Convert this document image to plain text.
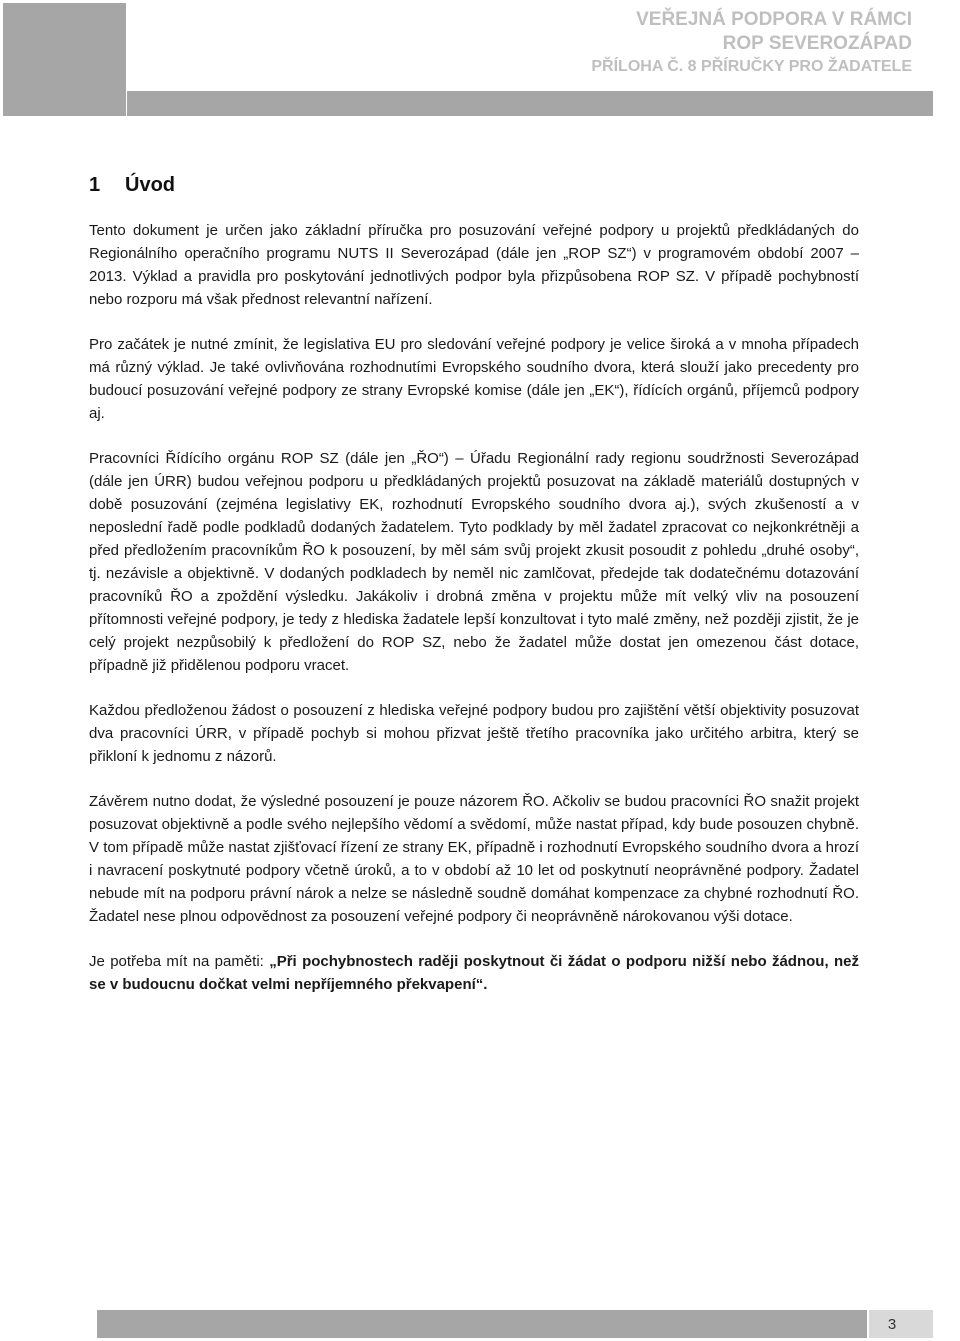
VEŘEJNÁ PODPORA V RÁMCI
ROP SEVEROZÁPAD
PŘÍLOHA Č. 8 PŘÍRUČKY PRO ŽADATELE
1 Úvod

Tento dokument je určen jako základní příručka pro posuzování veřejné podpory u projektů předkládaných do Regionálního operačního programu NUTS II Severozápad (dále jen „ROP SZ“) v programovém období 2007 – 2013. Výklad a pravidla pro poskytování jednotlivých podpor byla přizpůsobena ROP SZ. V případě pochybností nebo rozporu má však přednost relevantní nařízení.

Pro začátek je nutné zmínit, že legislativa EU pro sledování veřejné podpory je velice široká a v mnoha případech má různý výklad. Je také ovlivňována rozhodnutími Evropského soudního dvora, která slouží jako precedenty pro budoucí posuzování veřejné podpory ze strany Evropské komise (dále jen „EK“), řídících orgánů, příjemců podpory aj.

Pracovníci Řídícího orgánu ROP SZ (dále jen „ŘO“) – Úřadu Regionální rady regionu soudržnosti Severozápad (dále jen ÚRR) budou veřejnou podporu u předkládaných projektů posuzovat na základě materiálů dostupných v době posuzování (zejména legislativy EK, rozhodnutí Evropského soudního dvora aj.), svých zkušeností a v neposlední řadě podle podkladů dodaných žadatelem. Tyto podklady by měl žadatel zpracovat co nejkonkrétněji a před předložením pracovníkům ŘO k posouzení, by měl sám svůj projekt zkusit posoudit z pohledu „druhé osoby“, tj. nezávisle a objektivně. V dodaných podkladech by neměl nic zamlčovat, předejde tak dodatečnému dotazování pracovníků ŘO a zpoždění výsledku. Jakákoliv i drobná změna v projektu může mít velký vliv na posouzení přítomnosti veřejné podpory, je tedy z hlediska žadatele lepší konzultovat i tyto malé změny, než později zjistit, že je celý projekt nezpůsobilý k předložení do ROP SZ, nebo že žadatel může dostat jen omezenou část dotace, případně již přidělenou podporu vracet.

Každou předloženou žádost o posouzení z hlediska veřejné podpory budou pro zajištění větší objektivity posuzovat dva pracovníci ÚRR, v případě pochyb si mohou přizvat ještě třetího pracovníka jako určitého arbitra, který se přikloní k jednomu z názorů.

Závěrem nutno dodat, že výsledné posouzení je pouze názorem ŘO. Ačkoliv se budou pracovníci ŘO snažit projekt posuzovat objektivně a podle svého nejlepšího vědomí a svědomí, může nastat případ, kdy bude posouzen chybně. V tom případě může nastat zjišťovací řízení ze strany EK, případně i rozhodnutí Evropského soudního dvora a hrozí i navracení poskytnuté podpory včetně úroků, a to v období až 10 let od poskytnutí neoprávněné podpory. Žadatel nebude mít na podporu právní nárok a nelze se následně soudně domáhat kompenzace za chybné rozhodnutí ŘO. Žadatel nese plnou odpovědnost za posouzení veřejné podpory či neoprávněně nárokovanou výši dotace.

Je potřeba mít na paměti: „Při pochybnostech raději poskytnout či žádat o podporu nižší nebo žádnou, než se v budoucnu dočkat velmi nepříjemného překvapení“.

3
